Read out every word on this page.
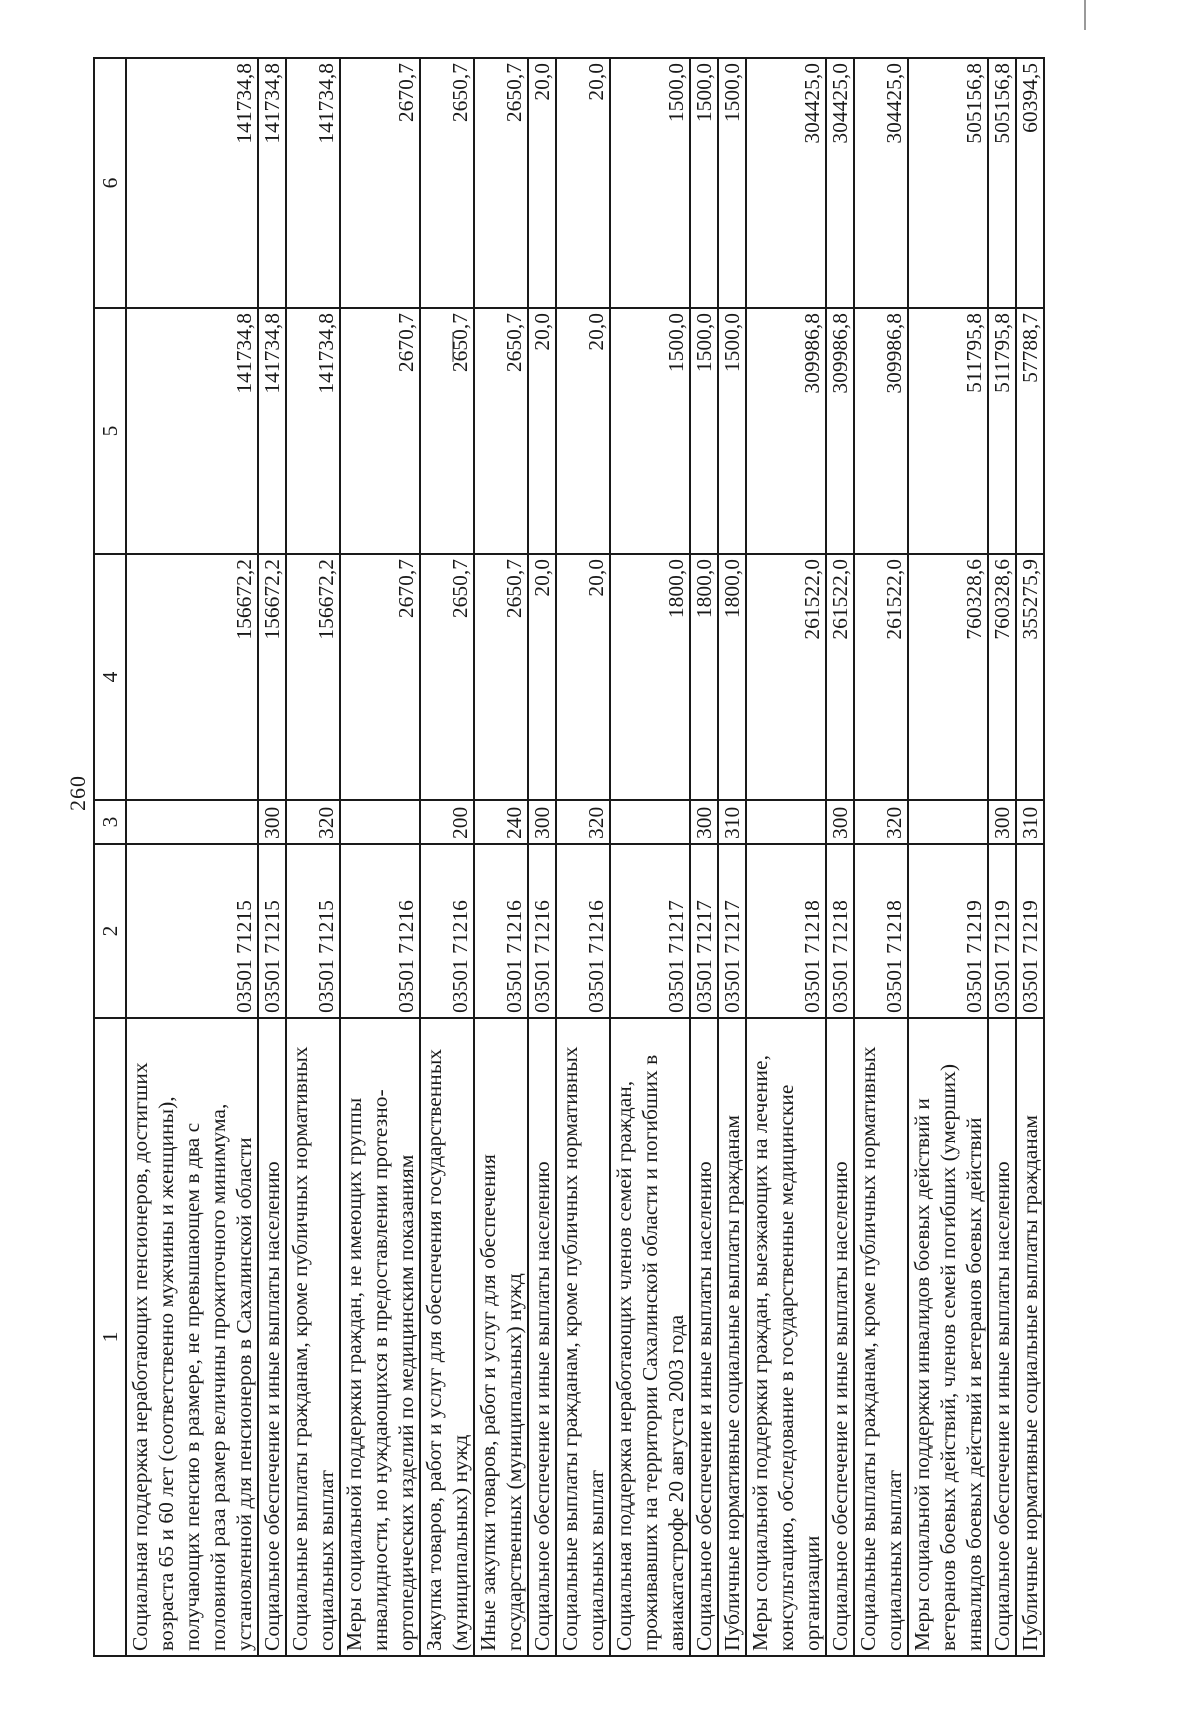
260
1	2	3	4	5	6
Социальная поддержка неработающих пенсионеров, достигших возраста 65 и 60 лет (соответственно мужчины и женщины), получающих пенсию в размере, не превышающем в два с половиной раза размер величины прожиточного минимума, установленной для пенсионеров в Сахалинской области	03501 71215		156672,2	141734,8	141734,8
Социальное обеспечение и иные выплаты населению	03501 71215	300	156672,2	141734,8	141734,8
Социальные выплаты гражданам, кроме публичных нормативных социальных выплат	03501 71215	320	156672,2	141734,8	141734,8
Меры социальной поддержки граждан, не имеющих группы инвалидности, но нуждающихся в предоставлении протезно-ортопедических изделий по медицинским показаниям	03501 71216		2670,7	2670,7	2670,7
Закупка товаров, работ и услуг для обеспечения государственных (муниципальных) нужд	03501 71216	200	2650,7	2650,7	2650,7
Иные закупки товаров, работ и услуг для обеспечения государственных (муниципальных) нужд	03501 71216	240	2650,7	2650,7	2650,7
Социальное обеспечение и иные выплаты населению	03501 71216	300	20,0	20,0	20,0
Социальные выплаты гражданам, кроме публичных нормативных социальных выплат	03501 71216	320	20,0	20,0	20,0
Социальная поддержка неработающих членов семей граждан, проживавших на территории Сахалинской области и погибших в авиакатастрофе 20 августа 2003 года	03501 71217		1800,0	1500,0	1500,0
Социальное обеспечение и иные выплаты населению	03501 71217	300	1800,0	1500,0	1500,0
Публичные нормативные социальные выплаты гражданам	03501 71217	310	1800,0	1500,0	1500,0
Меры социальной поддержки граждан, выезжающих на лечение, консультацию, обследование в государственные медицинские организации	03501 71218		261522,0	309986,8	304425,0
Социальное обеспечение и иные выплаты населению	03501 71218	300	261522,0	309986,8	304425,0
Социальные выплаты гражданам, кроме публичных нормативных социальных выплат	03501 71218	320	261522,0	309986,8	304425,0
Меры социальной поддержки инвалидов боевых действий и ветеранов боевых действий, членов семей погибших (умерших) инвалидов боевых действий и ветеранов боевых действий	03501 71219		760328,6	511795,8	505156,8
Социальное обеспечение и иные выплаты населению	03501 71219	300	760328,6	511795,8	505156,8
Публичные нормативные социальные выплаты гражданам	03501 71219	310	355275,9	57788,7	60394,5
